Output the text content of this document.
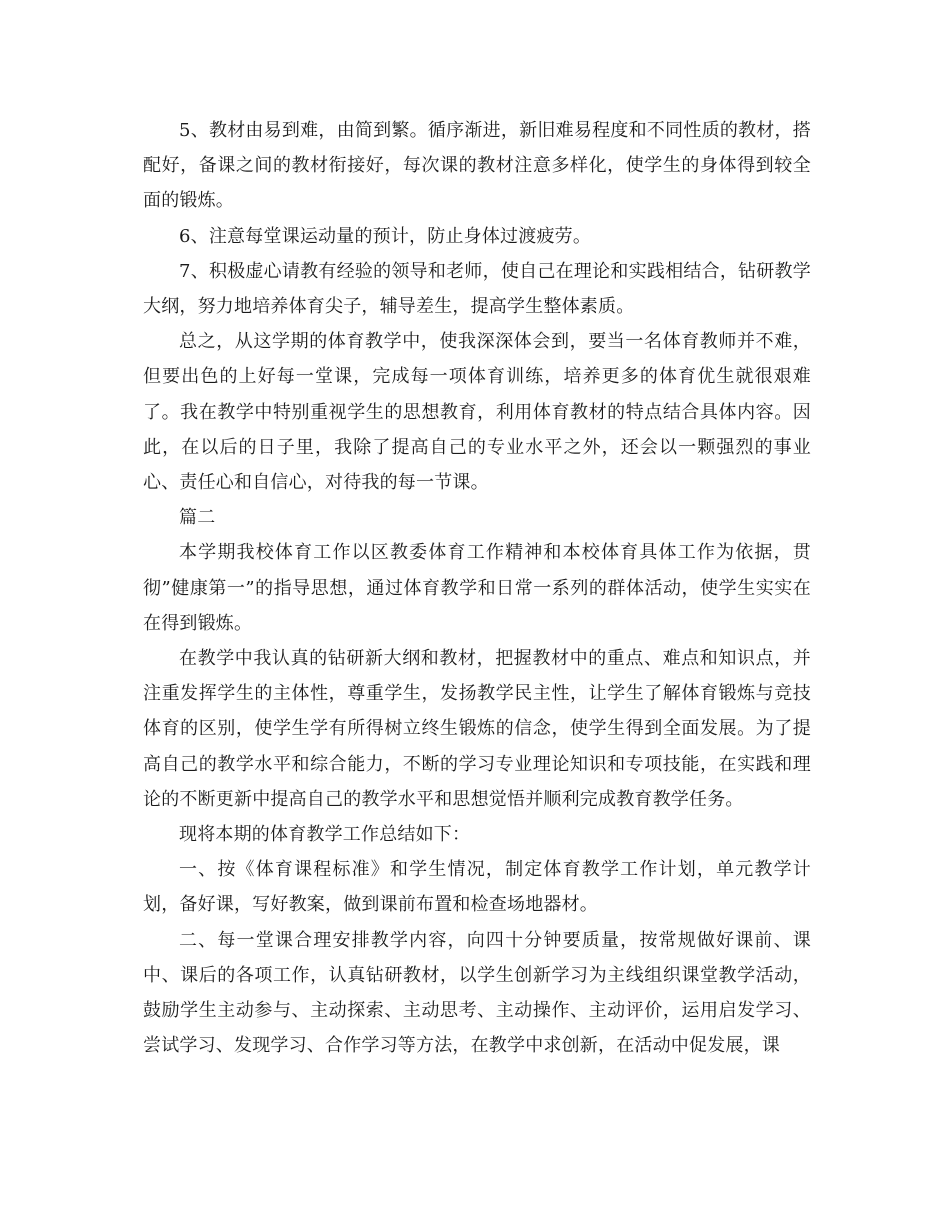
5、教材由易到难，由简到繁。循序渐进，新旧难易程度和不同性质的教材，搭配好，备课之间的教材衔接好，每次课的教材注意多样化，使学生的身体得到较全面的锻炼。

6、注意每堂课运动量的预计，防止身体过渡疲劳。

7、积极虚心请教有经验的领导和老师，使自己在理论和实践相结合，钻研教学大纲，努力地培养体育尖子，辅导差生，提高学生整体素质。

总之，从这学期的体育教学中，使我深深体会到，要当一名体育教师并不难，但要出色的上好每一堂课，完成每一项体育训练，培养更多的体育优生就很艰难了。我在教学中特别重视学生的思想教育，利用体育教材的特点结合具体内容。因此，在以后的日子里，我除了提高自己的专业水平之外，还会以一颗强烈的事业心、责任心和自信心，对待我的每一节课。

篇二

本学期我校体育工作以区教委体育工作精神和本校体育具体工作为依据，贯彻”健康第一”的指导思想，通过体育教学和日常一系列的群体活动，使学生实实在在得到锻炼。

在教学中我认真的钻研新大纲和教材，把握教材中的重点、难点和知识点，并注重发挥学生的主体性，尊重学生，发扬教学民主性，让学生了解体育锻炼与竞技体育的区别，使学生学有所得树立终生锻炼的信念，使学生得到全面发展。为了提高自己的教学水平和综合能力，不断的学习专业理论知识和专项技能，在实践和理论的不断更新中提高自己的教学水平和思想觉悟并顺利完成教育教学任务。

现将本期的体育教学工作总结如下：

一、按《体育课程标准》和学生情况，制定体育教学工作计划，单元教学计划，备好课，写好教案，做到课前布置和检查场地器材。

二、每一堂课合理安排教学内容，向四十分钟要质量，按常规做好课前、课中、课后的各项工作，认真钻研教材，以学生创新学习为主线组织课堂教学活动，鼓励学生主动参与、主动探索、主动思考、主动操作、主动评价，运用启发学习、尝试学习、发现学习、合作学习等方法，在教学中求创新，在活动中促发展，课
